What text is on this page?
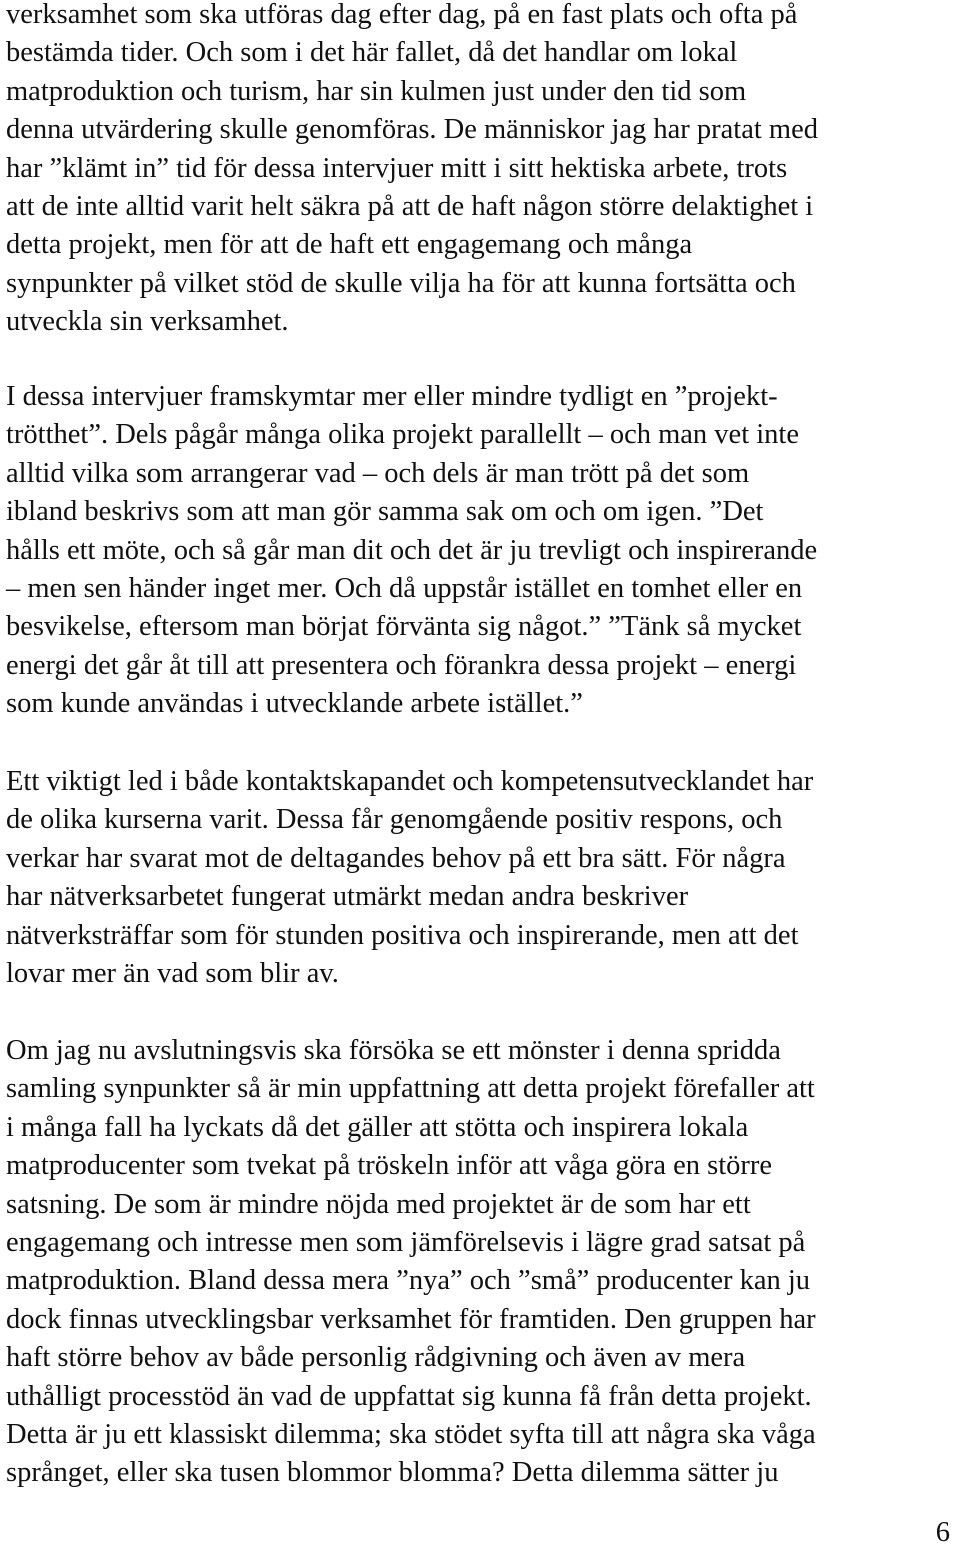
verksamhet som ska utföras dag efter dag, på en fast plats och ofta på
bestämda tider. Och som i det här fallet, då det handlar om lokal
matproduktion och turism, har sin kulmen just under den tid som
denna utvärdering skulle genomföras. De människor jag har pratat med
har ”klämt in” tid för dessa intervjuer mitt i sitt hektiska arbete, trots
att de inte alltid varit helt säkra på att de haft någon större delaktighet i
detta projekt, men för att de haft ett engagemang och många
synpunkter på vilket stöd de skulle vilja ha för att kunna fortsätta och
utveckla sin verksamhet.
I dessa intervjuer framskymtar mer eller mindre tydligt en ”projekt-
trötthet”. Dels pågår många olika projekt parallellt – och man vet inte
alltid vilka som arrangerar vad – och dels är man trött på det som
ibland beskrivs som att man gör samma sak om och om igen. ”Det
hålls ett möte, och så går man dit och det är ju trevligt och inspirerande
– men sen händer inget mer. Och då uppstår istället en tomhet eller en
besvikelse, eftersom man börjat förvänta sig något.” ”Tänk så mycket
energi det går åt till att presentera och förankra dessa projekt – energi
som kunde användas i utvecklande arbete istället.”
Ett viktigt led i både kontaktskapandet och kompetensutvecklandet har
de olika kurserna varit. Dessa får genomgående positiv respons, och
verkar har svarat mot de deltagandes behov på ett bra sätt. För några
har nätverksarbetet fungerat utmärkt medan andra beskriver
nätverksträffar som för stunden positiva och inspirerande, men att det
lovar mer än vad som blir av.
Om jag nu avslutningsvis ska försöka se ett mönster i denna spridda
samling synpunkter så är min uppfattning att detta projekt förefaller att
i många fall ha lyckats då det gäller att stötta och inspirera lokala
matproducenter som tvekat på tröskeln inför att våga göra en större
satsning. De som är mindre nöjda med projektet är de som har ett
engagemang och intresse men som jämförelsevis i lägre grad satsat på
matproduktion. Bland dessa mera ”nya” och ”små” producenter kan ju
dock finnas utvecklingsbar verksamhet för framtiden. Den gruppen har
haft större behov av både personlig rådgivning och även av mera
uthålligt processtöd än vad de uppfattat sig kunna få från detta projekt.
Detta är ju ett klassiskt dilemma; ska stödet syfta till att några ska våga
språnget, eller ska tusen blommor blomma? Detta dilemma sätter ju
6
